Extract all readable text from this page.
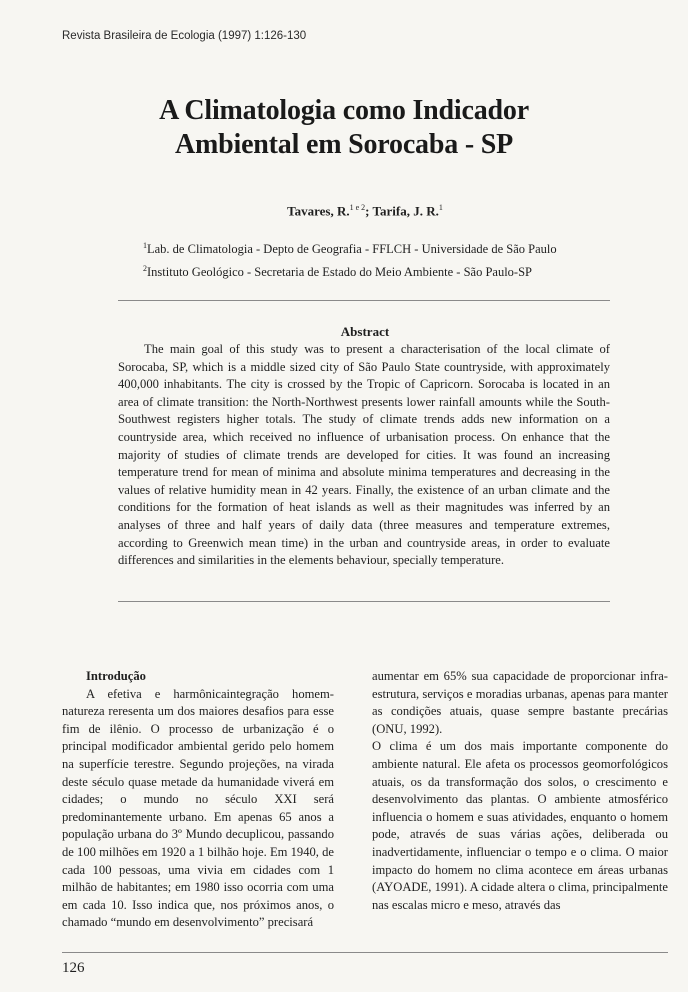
Revista Brasileira de Ecologia (1997) 1:126-130
A Climatologia como Indicador
Ambiental em Sorocaba - SP
Tavares, R.$^{1 e 2}$; Tarifa, J. R.$^1$
$^1$Lab. de Climatologia - Depto de Geografia - FFLCH - Universidade de São Paulo
$^2$Instituto Geológico - Secretaria de Estado do Meio Ambiente - São Paulo-SP
Abstract

The main goal of this study was to present a characterisation of the local climate of Sorocaba, SP, which is a middle sized city of São Paulo State countryside, with approximately 400,000 inhabitants. The city is crossed by the Tropic of Capricorn. Sorocaba is located in an area of climate transition: the North-Northwest presents lower rainfall amounts while the South-Southwest registers higher totals. The study of climate trends adds new information on a countryside area, which received no influence of urbanisation process. On enhance that the majority of studies of climate trends are developed for cities. It was found an increasing temperature trend for mean of minima and absolute minima temperatures and decreasing in the values of relative humidity mean in 42 years. Finally, the existence of an urban climate and the conditions for the formation of heat islands as well as their magnitudes was inferred by an analyses of three and half years of daily data (three measures and temperature extremes, according to Greenwich mean time) in the urban and countryside areas, in order to evaluate differences and similarities in the elements behaviour, specially temperature.

Introdução

A efetiva e harmônicaintegração homem-natureza reresenta um dos maiores desafios para esse fim de ilênio. O processo de urbanização é o principal modificador ambiental gerido pelo homem na superfície terestre. Segundo projeções, na virada deste século quase metade da humanidade viverá em cidades; o mundo no século XXI será predominantemente urbano. Em apenas 65 anos a população urbana do 3º Mundo decuplicou, passando de 100 milhões em 1920 a 1 bilhão hoje. Em 1940, de cada 100 pessoas, uma vivia em cidades com 1 milhão de habitantes; em 1980 isso ocorria com uma em cada 10. Isso indica que, nos próximos anos, o chamado “mundo em desenvolvimento” precisará

aumentar em 65% sua capacidade de proporcionar infra-estrutura, serviços e moradias urbanas, apenas para manter as condições atuais, quase sempre bastante precárias (ONU, 1992).

O clima é um dos mais importante componente do ambiente natural. Ele afeta os processos geomorfológicos atuais, os da transformação dos solos, o crescimento e desenvolvimento das plantas. O ambiente atmosférico influencia o homem e suas atividades, enquanto o homem pode, através de suas várias ações, deliberada ou inadvertidamente, influenciar o tempo e o clima. O maior impacto do homem no clima acontece em áreas urbanas (AYOADE, 1991). A cidade altera o clima, principalmente nas escalas micro e meso, através das

126
